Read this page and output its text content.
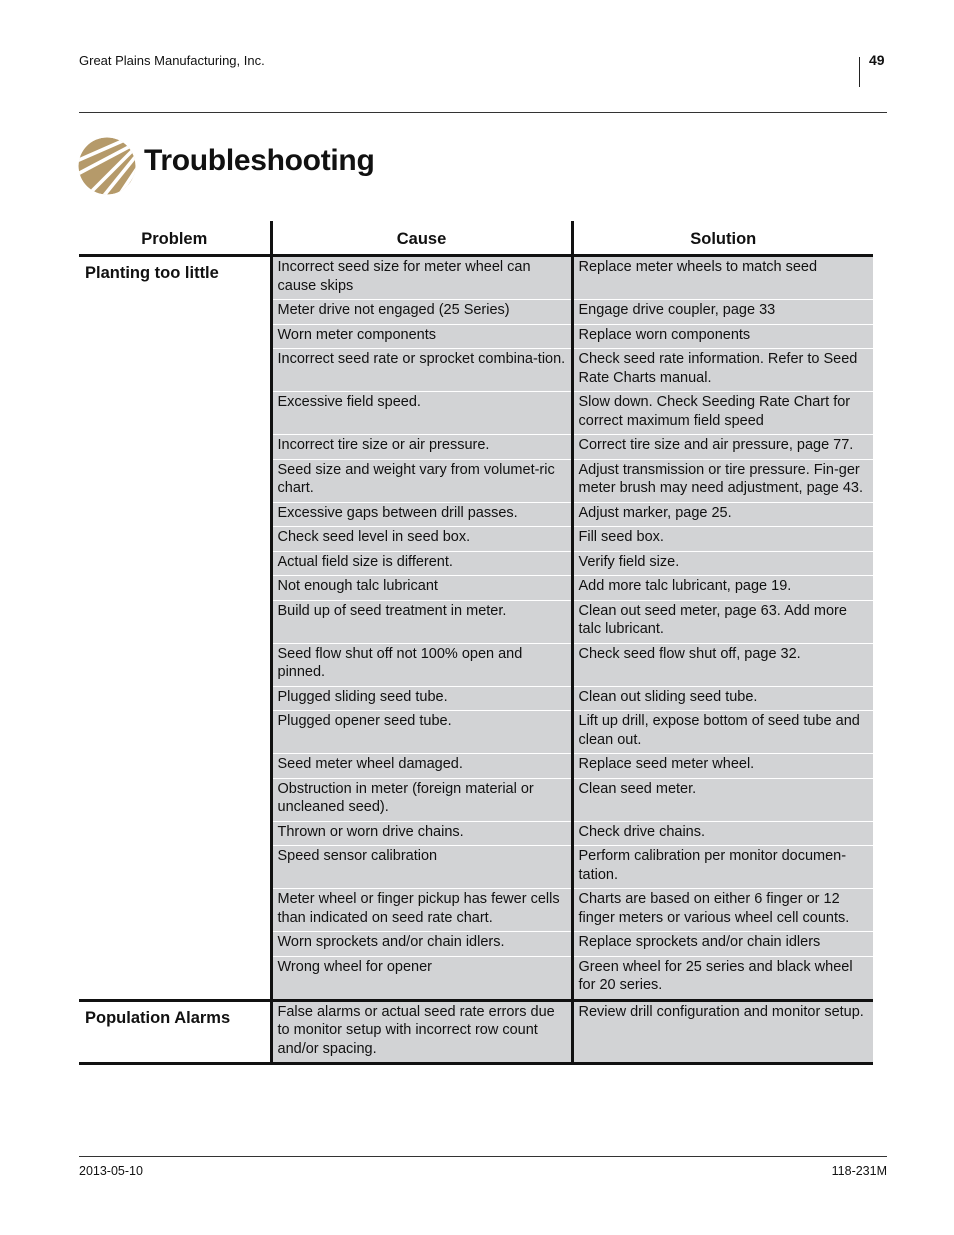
Great Plains Manufacturing, Inc.	49
Troubleshooting
Problem	Cause	Solution
Planting too little	Incorrect seed size for meter wheel can cause skips	Replace meter wheels to match seed
	Meter drive not engaged (25 Series)	Engage drive coupler, page 33
	Worn meter components	Replace worn components
	Incorrect seed rate or sprocket combina-tion.	Check seed rate information. Refer to Seed Rate Charts manual.
	Excessive field speed.	Slow down. Check Seeding Rate Chart for correct maximum field speed
	Incorrect tire size or air pressure.	Correct tire size and air pressure, page 77.
	Seed size and weight vary from volumet-ric chart.	Adjust transmission or tire pressure. Fin-ger meter brush may need adjustment, page 43.
	Excessive gaps between drill passes.	Adjust marker, page 25.
	Check seed level in seed box.	Fill seed box.
	Actual field size is different.	Verify field size.
	Not enough talc lubricant	Add more talc lubricant, page 19.
	Build up of seed treatment in meter.	Clean out seed meter, page 63. Add more talc lubricant.
	Seed flow shut off not 100% open and pinned.	Check seed flow shut off, page 32.
	Plugged sliding seed tube.	Clean out sliding seed tube.
	Plugged opener seed tube.	Lift up drill, expose bottom of seed tube and clean out.
	Seed meter wheel damaged.	Replace seed meter wheel.
	Obstruction in meter (foreign material or uncleaned seed).	Clean seed meter.
	Thrown or worn drive chains.	Check drive chains.
	Speed sensor calibration	Perform calibration per monitor documen-tation.
	Meter wheel or finger pickup has fewer cells than indicated on seed rate chart.	Charts are based on either 6 finger or 12 finger meters or various wheel cell counts.
	Worn sprockets and/or chain idlers.	Replace sprockets and/or chain idlers
	Wrong wheel for opener	Green wheel for 25 series and black wheel for 20 series.
Population Alarms	False alarms or actual seed rate errors due to monitor setup with incorrect row count and/or spacing.	Review drill configuration and monitor setup.
2013-05-10	118-231M
